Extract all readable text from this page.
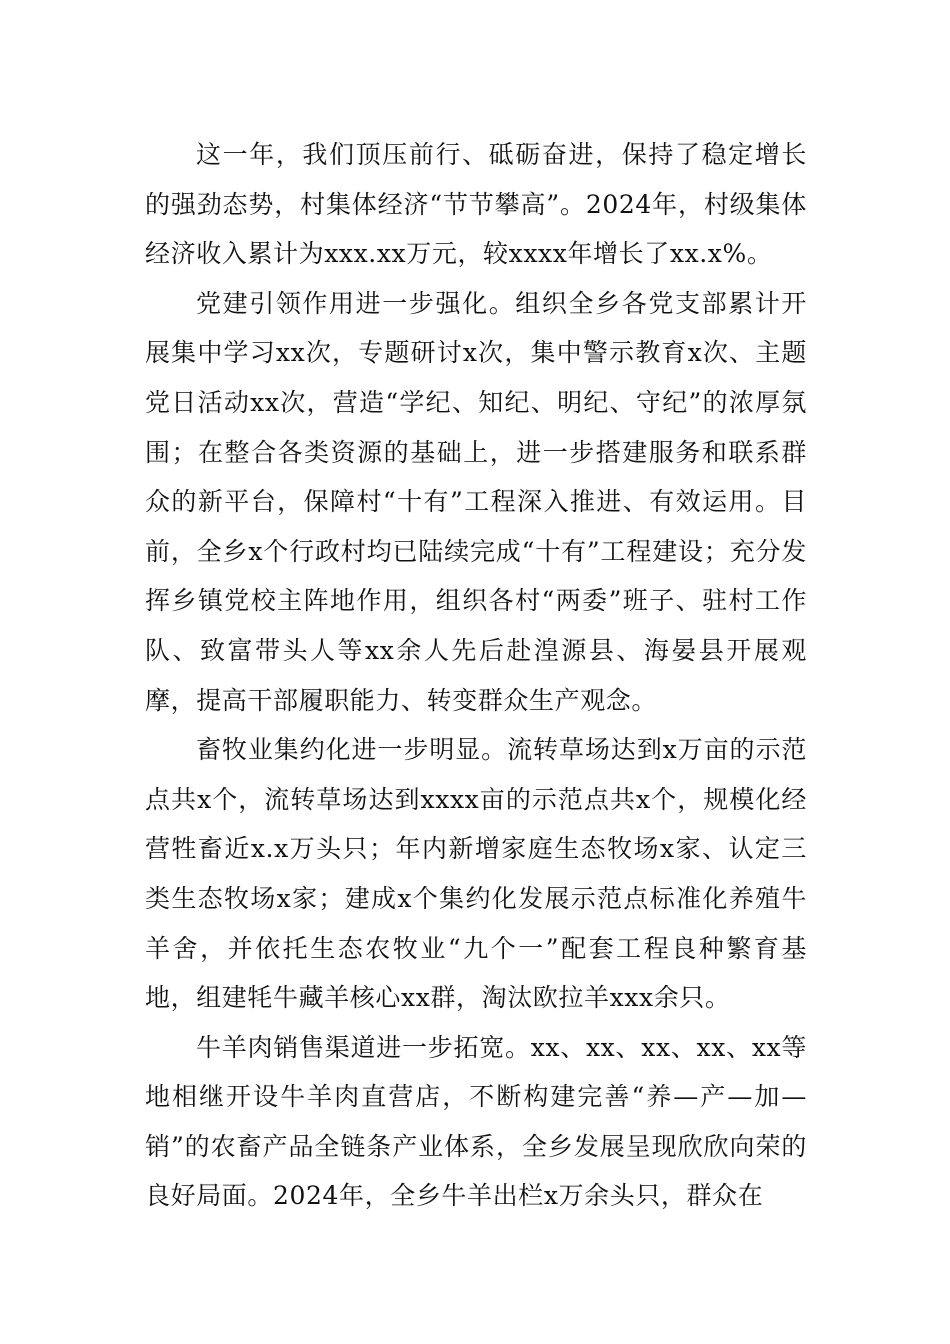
这一年，我们顶压前行、砥砺奋进，保持了稳定增长的强劲态势，村集体经济“节节攀高”。2024年，村级集体经济收入累计为xxx.xx万元，较xxxx年增长了xx.x%。

党建引领作用进一步强化。组织全乡各党支部累计开展集中学习xx次，专题研讨x次，集中警示教育x次、主题党日活动xx次，营造“学纪、知纪、明纪、守纪”的浓厚氛围；在整合各类资源的基础上，进一步搭建服务和联系群众的新平台，保障村“十有”工程深入推进、有效运用。目前，全乡x个行政村均已陆续完成“十有”工程建设；充分发挥乡镇党校主阵地作用，组织各村“两委”班子、驻村工作队、致富带头人等xx余人先后赴湟源县、海晏县开展观摩，提高干部履职能力、转变群众生产观念。

畜牧业集约化进一步明显。流转草场达到x万亩的示范点共x个，流转草场达到xxxx亩的示范点共x个，规模化经营牲畜近x.x万头只；年内新增家庭生态牧场x家、认定三类生态牧场x家；建成x个集约化发展示范点标准化养殖牛羊舍，并依托生态农牧业“九个一”配套工程良种繁育基地，组建牦牛藏羊核心xx群，淘汰欧拉羊xxx余只。

牛羊肉销售渠道进一步拓宽。xx、xx、xx、xx、xx等地相继开设牛羊肉直营店，不断构建完善“养—产—加—销”的农畜产品全链条产业体系，全乡发展呈现欣欣向荣的良好局面。2024年，全乡牛羊出栏x万余头只，群众在
